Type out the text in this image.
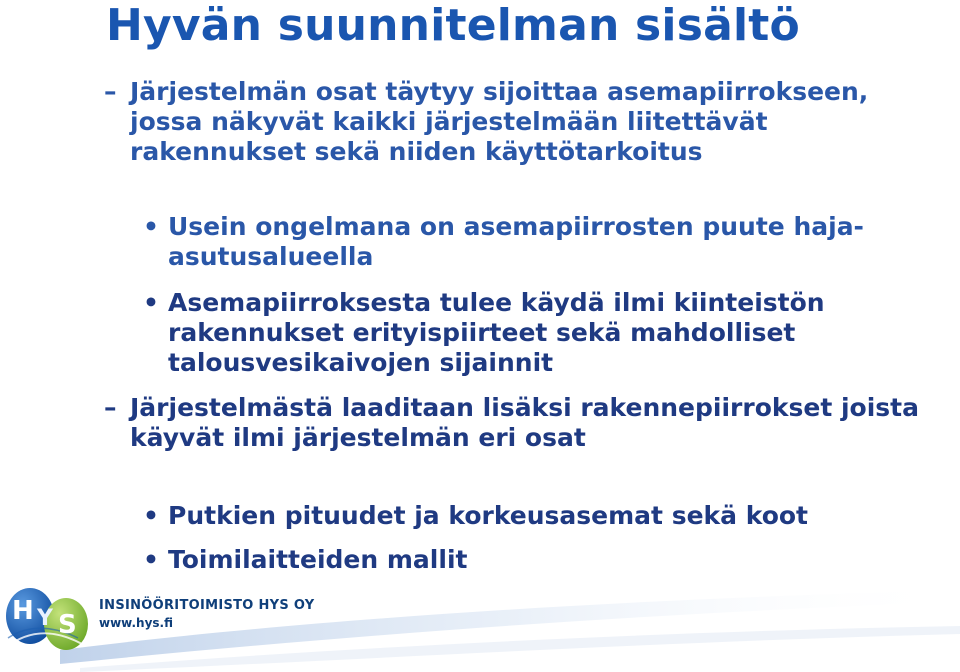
Hyvän suunnitelman sisältö
– Järjestelmän osat täytyy sijoittaa asemapiirrokseen, jossa näkyvät kaikki järjestelmään liitettävät rakennukset sekä niiden käyttötarkoitus
• Usein ongelmana on asemapiirrosten puute haja-asutusalueella
• Asemapiirroksesta tulee käydä ilmi kiinteistön rakennukset erityispiirteet sekä mahdolliset talousvesikaivojen sijainnit
– Järjestelmästä laaditaan lisäksi rakennepiirrokset joista käyvät ilmi järjestelmän eri osat
• Putkien pituudet ja korkeusasemat sekä koot
• Toimilaitteiden mallit
H Y S
INSINÖÖRITOIMISTO HYS OY
www.hys.fi
